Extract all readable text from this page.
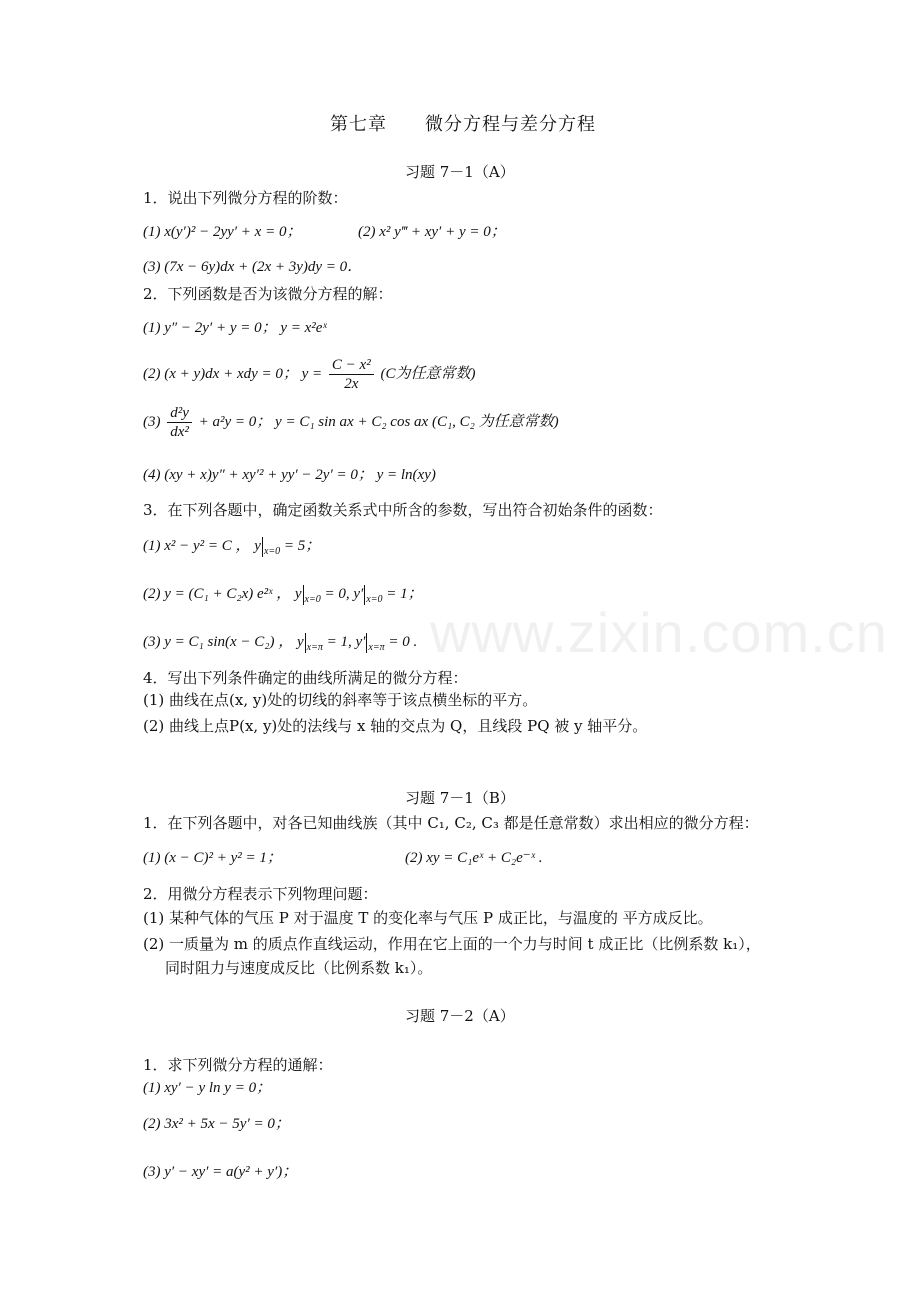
www.zixin.com.cn
第七章　　微分方程与差分方程
习题 7－1（A）
1．说出下列微分方程的阶数：
(1) x(y′)² − 2yy′ + x = 0；	(2) x² y‴ + xy′ + y = 0；
(3) (7x − 6y)dx + (2x + 3y)dy = 0．
2．下列函数是否为该微分方程的解：
(1) y″ − 2y′ + y = 0； y = x²eˣ
(2) (x + y)dx + xdy = 0； $y = \frac{\text{C − x²}}{2x} (C$为任意常数)
$(3) \frac{\text{d²y}}{\text{dx²}} + a^2y = 0$； y = C₁ sin ax + C₂ cos ax (C₁, C₂ 为任意常数)
(4) (xy + x)y″ + xy′² + yy′ − 2y′ = 0； y = ln(xy)
3．在下列各题中，确定函数关系式中所含的参数，写出符合初始条件的函数：
(1) x² − y² = C ， y $_{x=0}$ = 5；
(2) y = (C₁ + C₂x) e²ˣ ， y $_{x=0}$ = 0, y′ $_{x=0}$ = 1；
(3) y = C₁ sin(x − C₂) ， y $_{x=\pi}$ = 1, y′ $_{x=\pi}$ = 0 .
4．写出下列条件确定的曲线所满足的微分方程：
(1) 曲线在点(x, y)处的切线的斜率等于该点横坐标的平方。
(2) 曲线上点P(x, y)处的法线与 x 轴的交点为 Q，且线段 PQ 被 y 轴平分。
习题 7－1（B）
1．在下列各题中，对各已知曲线族（其中 C₁, C₂, C₃ 都是任意常数）求出相应的微分方程：
(1) (x − C)² + y² = 1；	(2) xy = C₁eˣ + C₂e⁻ˣ .
2．用微分方程表示下列物理问题：
(1) 某种气体的气压 P 对于温度 T 的变化率与气压 P 成正比，与温度的 平方成反比。
(2) 一质量为 m 的质点作直线运动，作用在它上面的一个力与时间 t 成正比（比例系数 k₁），
同时阻力与速度成反比（比例系数 k₁）。
习题 7－2（A）
1．求下列微分方程的通解：
(1) xy′ − y ln y = 0；
(2) 3x² + 5x − 5y′ = 0；
(3) y′ − xy′ = a(y² + y′)；
